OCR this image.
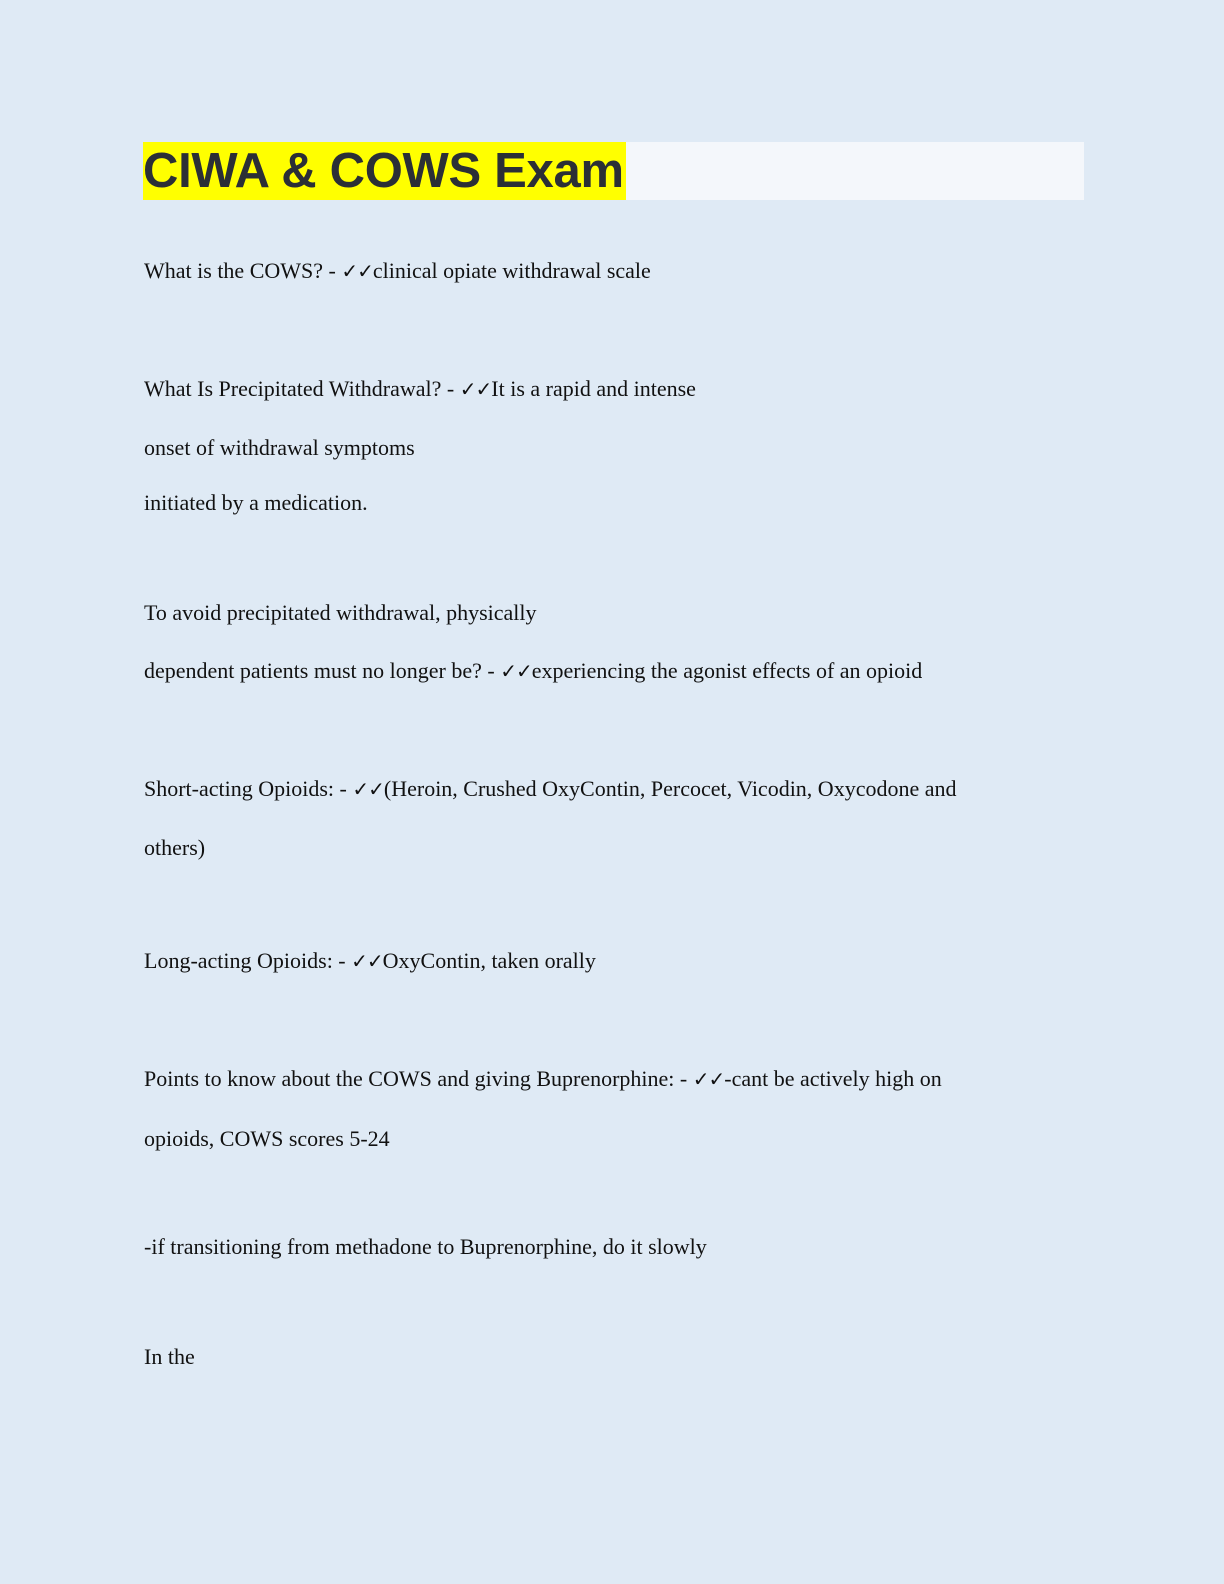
CIWA & COWS Exam
What is the COWS? - ✓✓clinical opiate withdrawal scale
What Is Precipitated Withdrawal? - ✓✓It is a rapid and intense
onset of withdrawal symptoms
initiated by a medication.
To avoid precipitated withdrawal, physically
dependent patients must no longer be? - ✓✓experiencing the agonist effects of an opioid
Short-acting Opioids: - ✓✓(Heroin, Crushed OxyContin, Percocet, Vicodin, Oxycodone and
others)
Long-acting Opioids: - ✓✓OxyContin, taken orally
Points to know about the COWS and giving Buprenorphine: - ✓✓-cant be actively high on
opioids, COWS scores 5-24
-if transitioning from methadone to Buprenorphine, do it slowly
In the
